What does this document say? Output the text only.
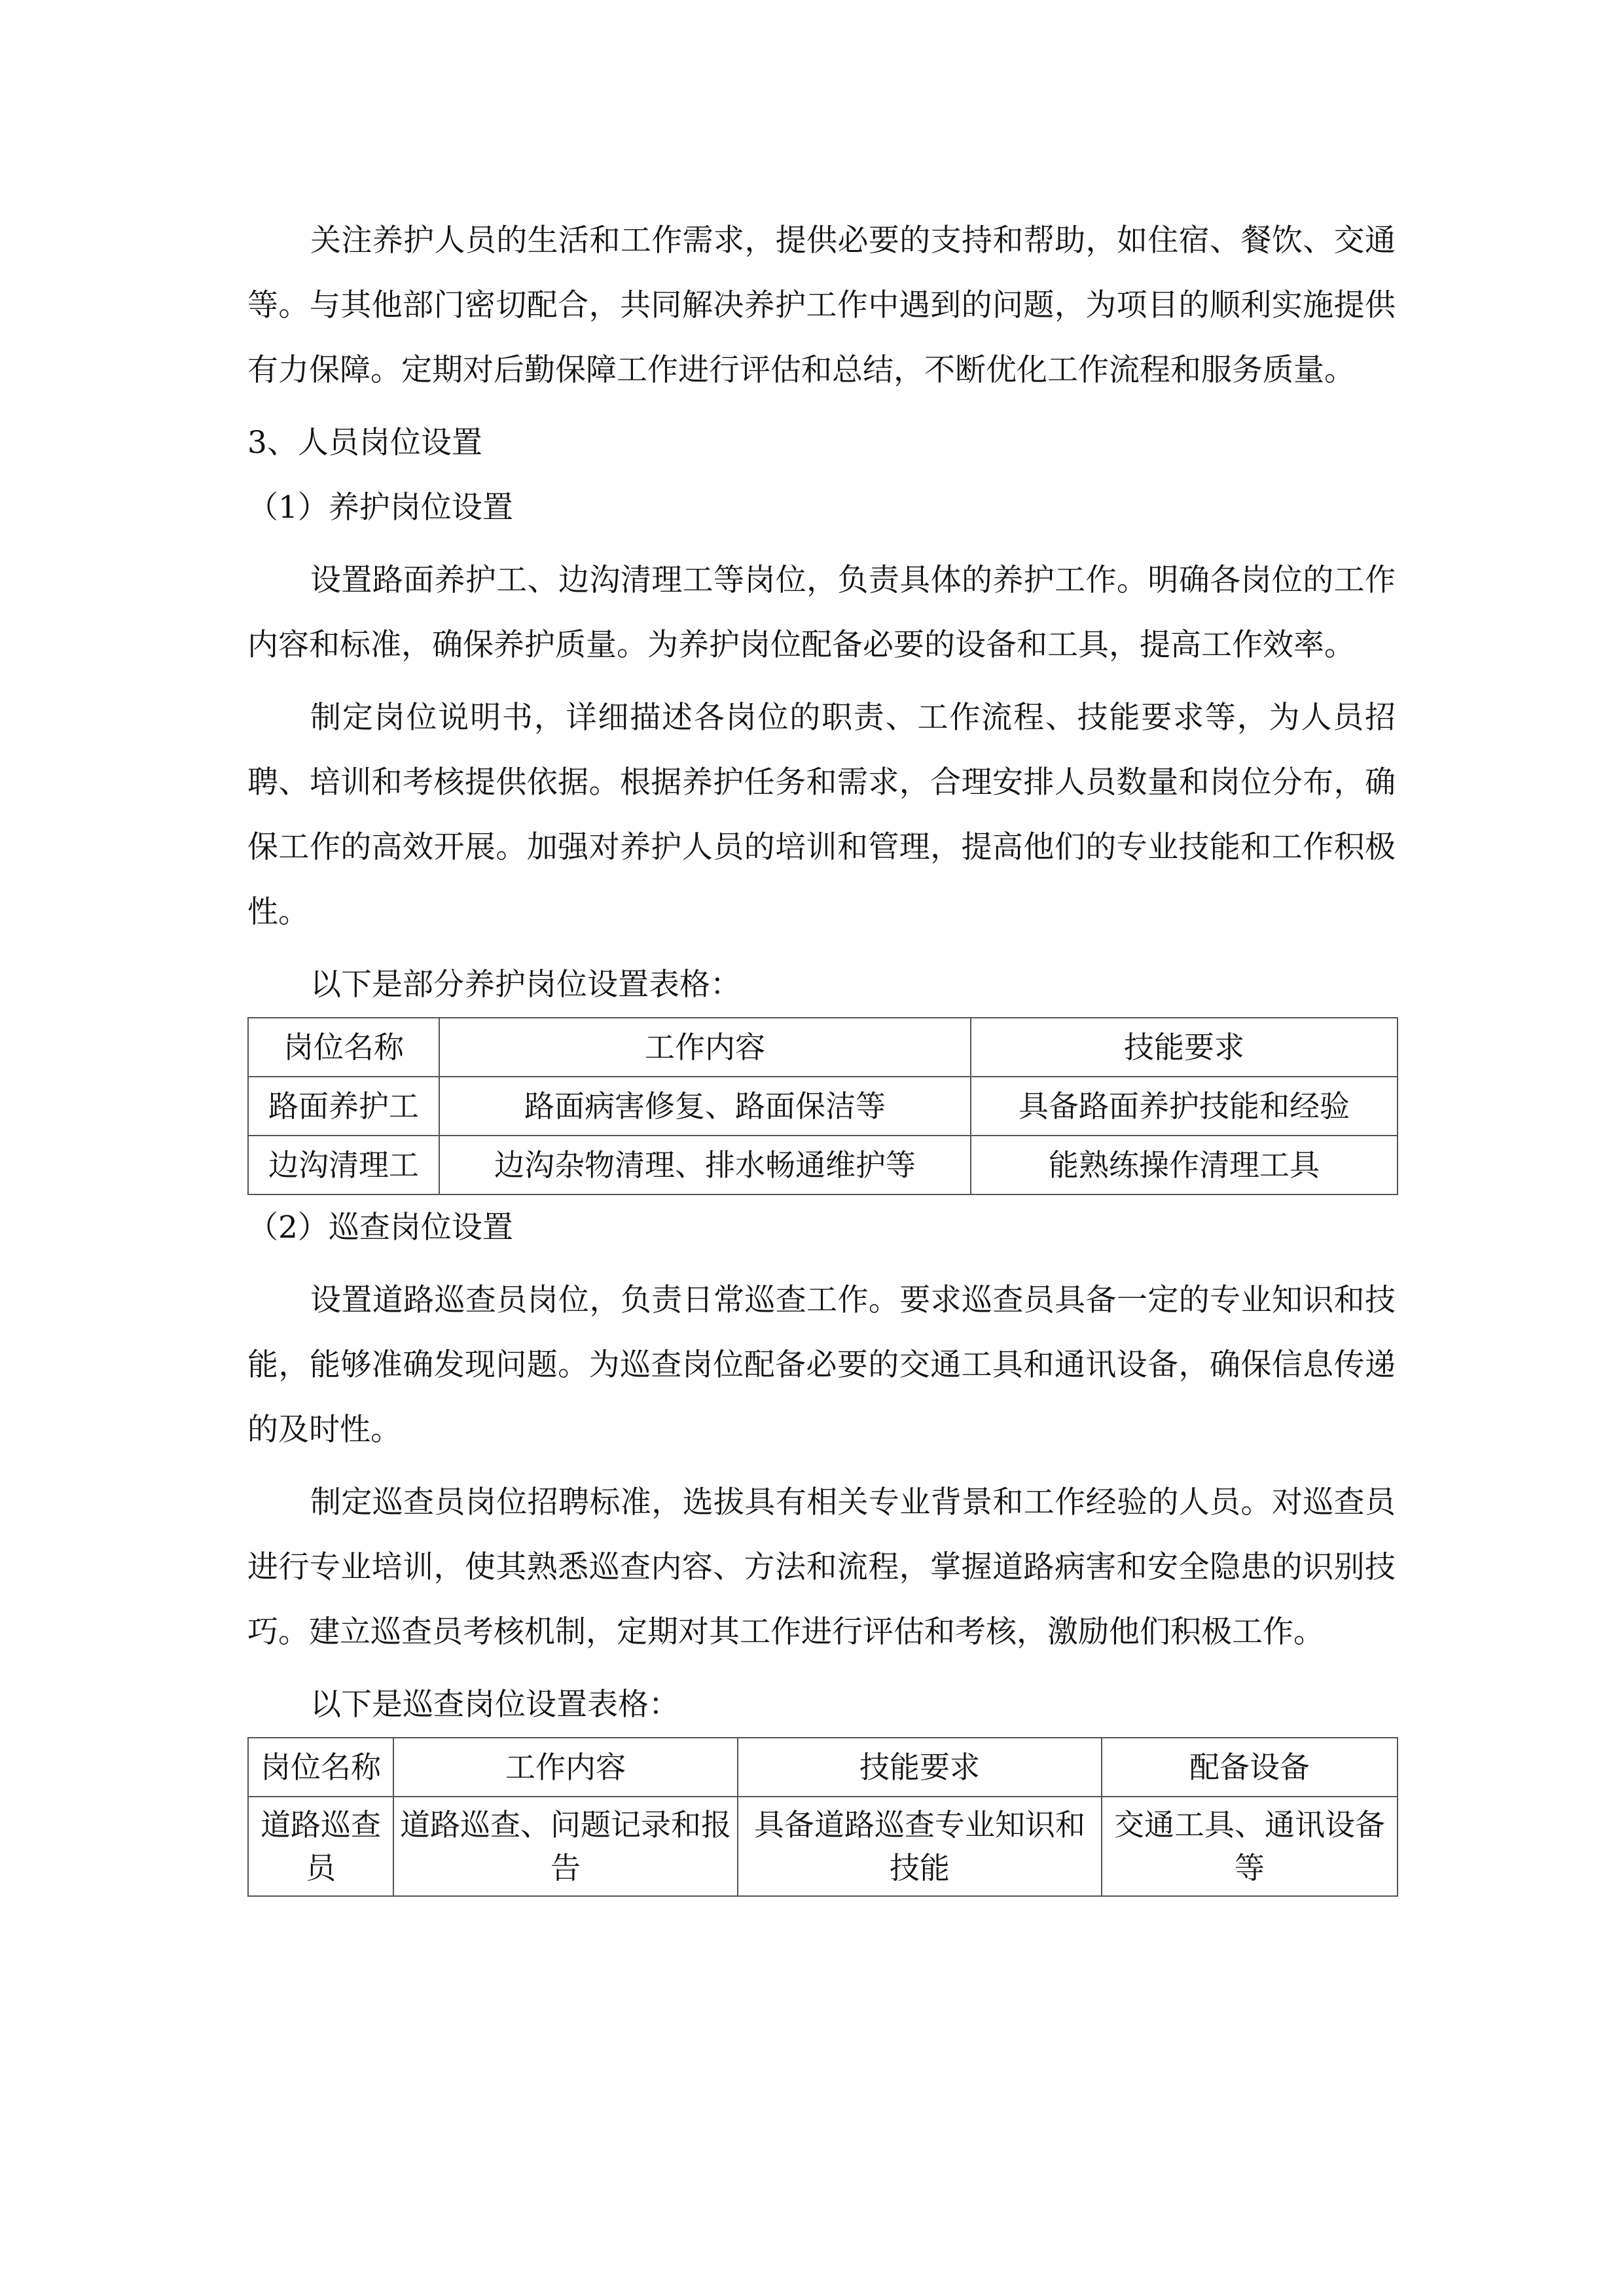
关注养护人员的生活和工作需求，提供必要的支持和帮助，如住宿、餐饮、交通等。与其他部门密切配合，共同解决养护工作中遇到的问题，为项目的顺利实施提供有力保障。定期对后勤保障工作进行评估和总结，不断优化工作流程和服务质量。

3、人员岗位设置

（1）养护岗位设置

设置路面养护工、边沟清理工等岗位，负责具体的养护工作。明确各岗位的工作内容和标准，确保养护质量。为养护岗位配备必要的设备和工具，提高工作效率。

制定岗位说明书，详细描述各岗位的职责、工作流程、技能要求等，为人员招聘、培训和考核提供依据。根据养护任务和需求，合理安排人员数量和岗位分布，确保工作的高效开展。加强对养护人员的培训和管理，提高他们的专业技能和工作积极性。

以下是部分养护岗位设置表格：

岗位名称	工作内容	技能要求
路面养护工	路面病害修复、路面保洁等	具备路面养护技能和经验
边沟清理工	边沟杂物清理、排水畅通维护等	能熟练操作清理工具

（2）巡查岗位设置

设置道路巡查员岗位，负责日常巡查工作。要求巡查员具备一定的专业知识和技能，能够准确发现问题。为巡查岗位配备必要的交通工具和通讯设备，确保信息传递的及时性。

制定巡查员岗位招聘标准，选拔具有相关专业背景和工作经验的人员。对巡查员进行专业培训，使其熟悉巡查内容、方法和流程，掌握道路病害和安全隐患的识别技巧。建立巡查员考核机制，定期对其工作进行评估和考核，激励他们积极工作。

以下是巡查岗位设置表格：

岗位名称	工作内容	技能要求	配备设备
道路巡查员	道路巡查、问题记录和报告	具备道路巡查专业知识和技能	交通工具、通讯设备等
